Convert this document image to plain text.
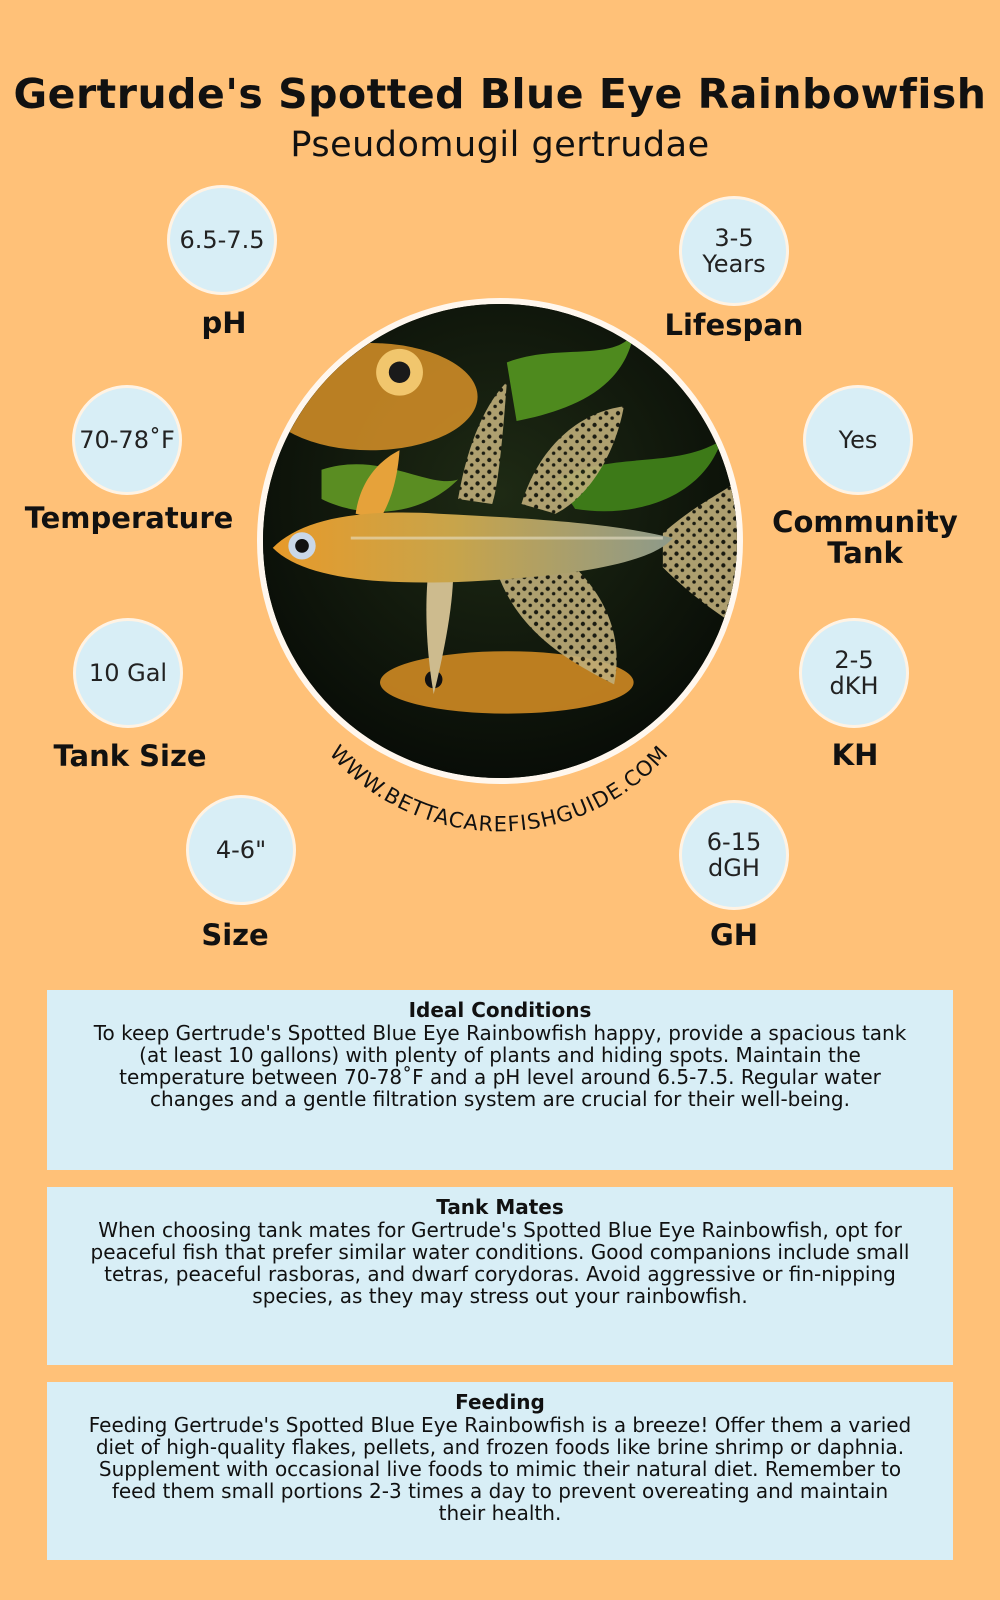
Gertrude's Spotted Blue Eye Rainbowfish
Pseudomugil gertrudae
6.5-7.5
pH
70-78˚F
Temperature
10 Gal
Tank Size
4-6"
Size
3-5
Years
Lifespan
Yes
Community
Tank
2-5
dKH
KH
6-15
dGH
GH
WWW.BETTACAREFISHGUIDE.COM
Ideal Conditions
To keep Gertrude's Spotted Blue Eye Rainbowfish happy, provide a spacious tank (at least 10 gallons) with plenty of plants and hiding spots. Maintain the temperature between 70-78˚F and a pH level around 6.5-7.5. Regular water changes and a gentle filtration system are crucial for their well-being.
Tank Mates
When choosing tank mates for Gertrude's Spotted Blue Eye Rainbowfish, opt for peaceful fish that prefer similar water conditions. Good companions include small tetras, peaceful rasboras, and dwarf corydoras. Avoid aggressive or fin-nipping species, as they may stress out your rainbowfish.
Feeding
Feeding Gertrude's Spotted Blue Eye Rainbowfish is a breeze! Offer them a varied diet of high-quality flakes, pellets, and frozen foods like brine shrimp or daphnia. Supplement with occasional live foods to mimic their natural diet. Remember to feed them small portions 2-3 times a day to prevent overeating and maintain their health.
